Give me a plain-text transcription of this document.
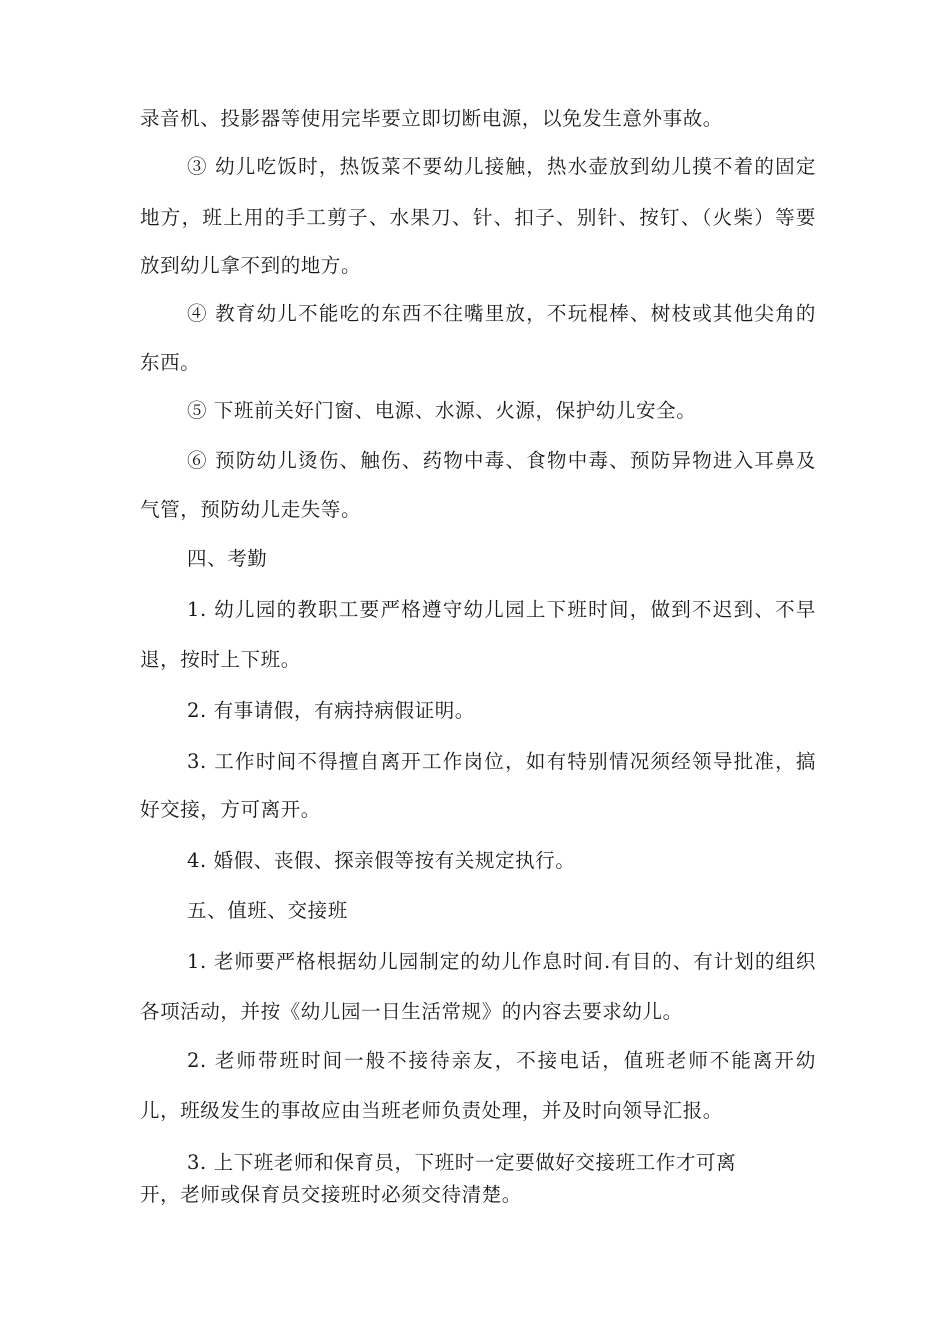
录音机、投影器等使用完毕要立即切断电源，以免发生意外事故。
③ 幼儿吃饭时，热饭菜不要幼儿接触，热水壶放到幼儿摸不着的固定
地方，班上用的手工剪子、水果刀、针、扣子、别针、按钉、（火柴）等要
放到幼儿拿不到的地方。
④ 教育幼儿不能吃的东西不往嘴里放，不玩棍棒、树枝或其他尖角的
东西。
⑤ 下班前关好门窗、电源、水源、火源，保护幼儿安全。
⑥ 预防幼儿烫伤、触伤、药物中毒、食物中毒、预防异物进入耳鼻及
气管，预防幼儿走失等。
四、考勤
1. 幼儿园的教职工要严格遵守幼儿园上下班时间，做到不迟到、不早
退，按时上下班。
2. 有事请假，有病持病假证明。
3. 工作时间不得擅自离开工作岗位，如有特别情况须经领导批准，搞
好交接，方可离开。
4. 婚假、丧假、探亲假等按有关规定执行。
五、值班、交接班
1. 老师要严格根据幼儿园制定的幼儿作息时间.有目的、有计划的组织
各项活动，并按《幼儿园一日生活常规》的内容去要求幼儿。
2. 老师带班时间一般不接待亲友，不接电话，值班老师不能离开幼
儿，班级发生的事故应由当班老师负责处理，并及时向领导汇报。
3. 上下班老师和保育员，下班时一定要做好交接班工作才可离
开，老师或保育员交接班时必须交待清楚。
